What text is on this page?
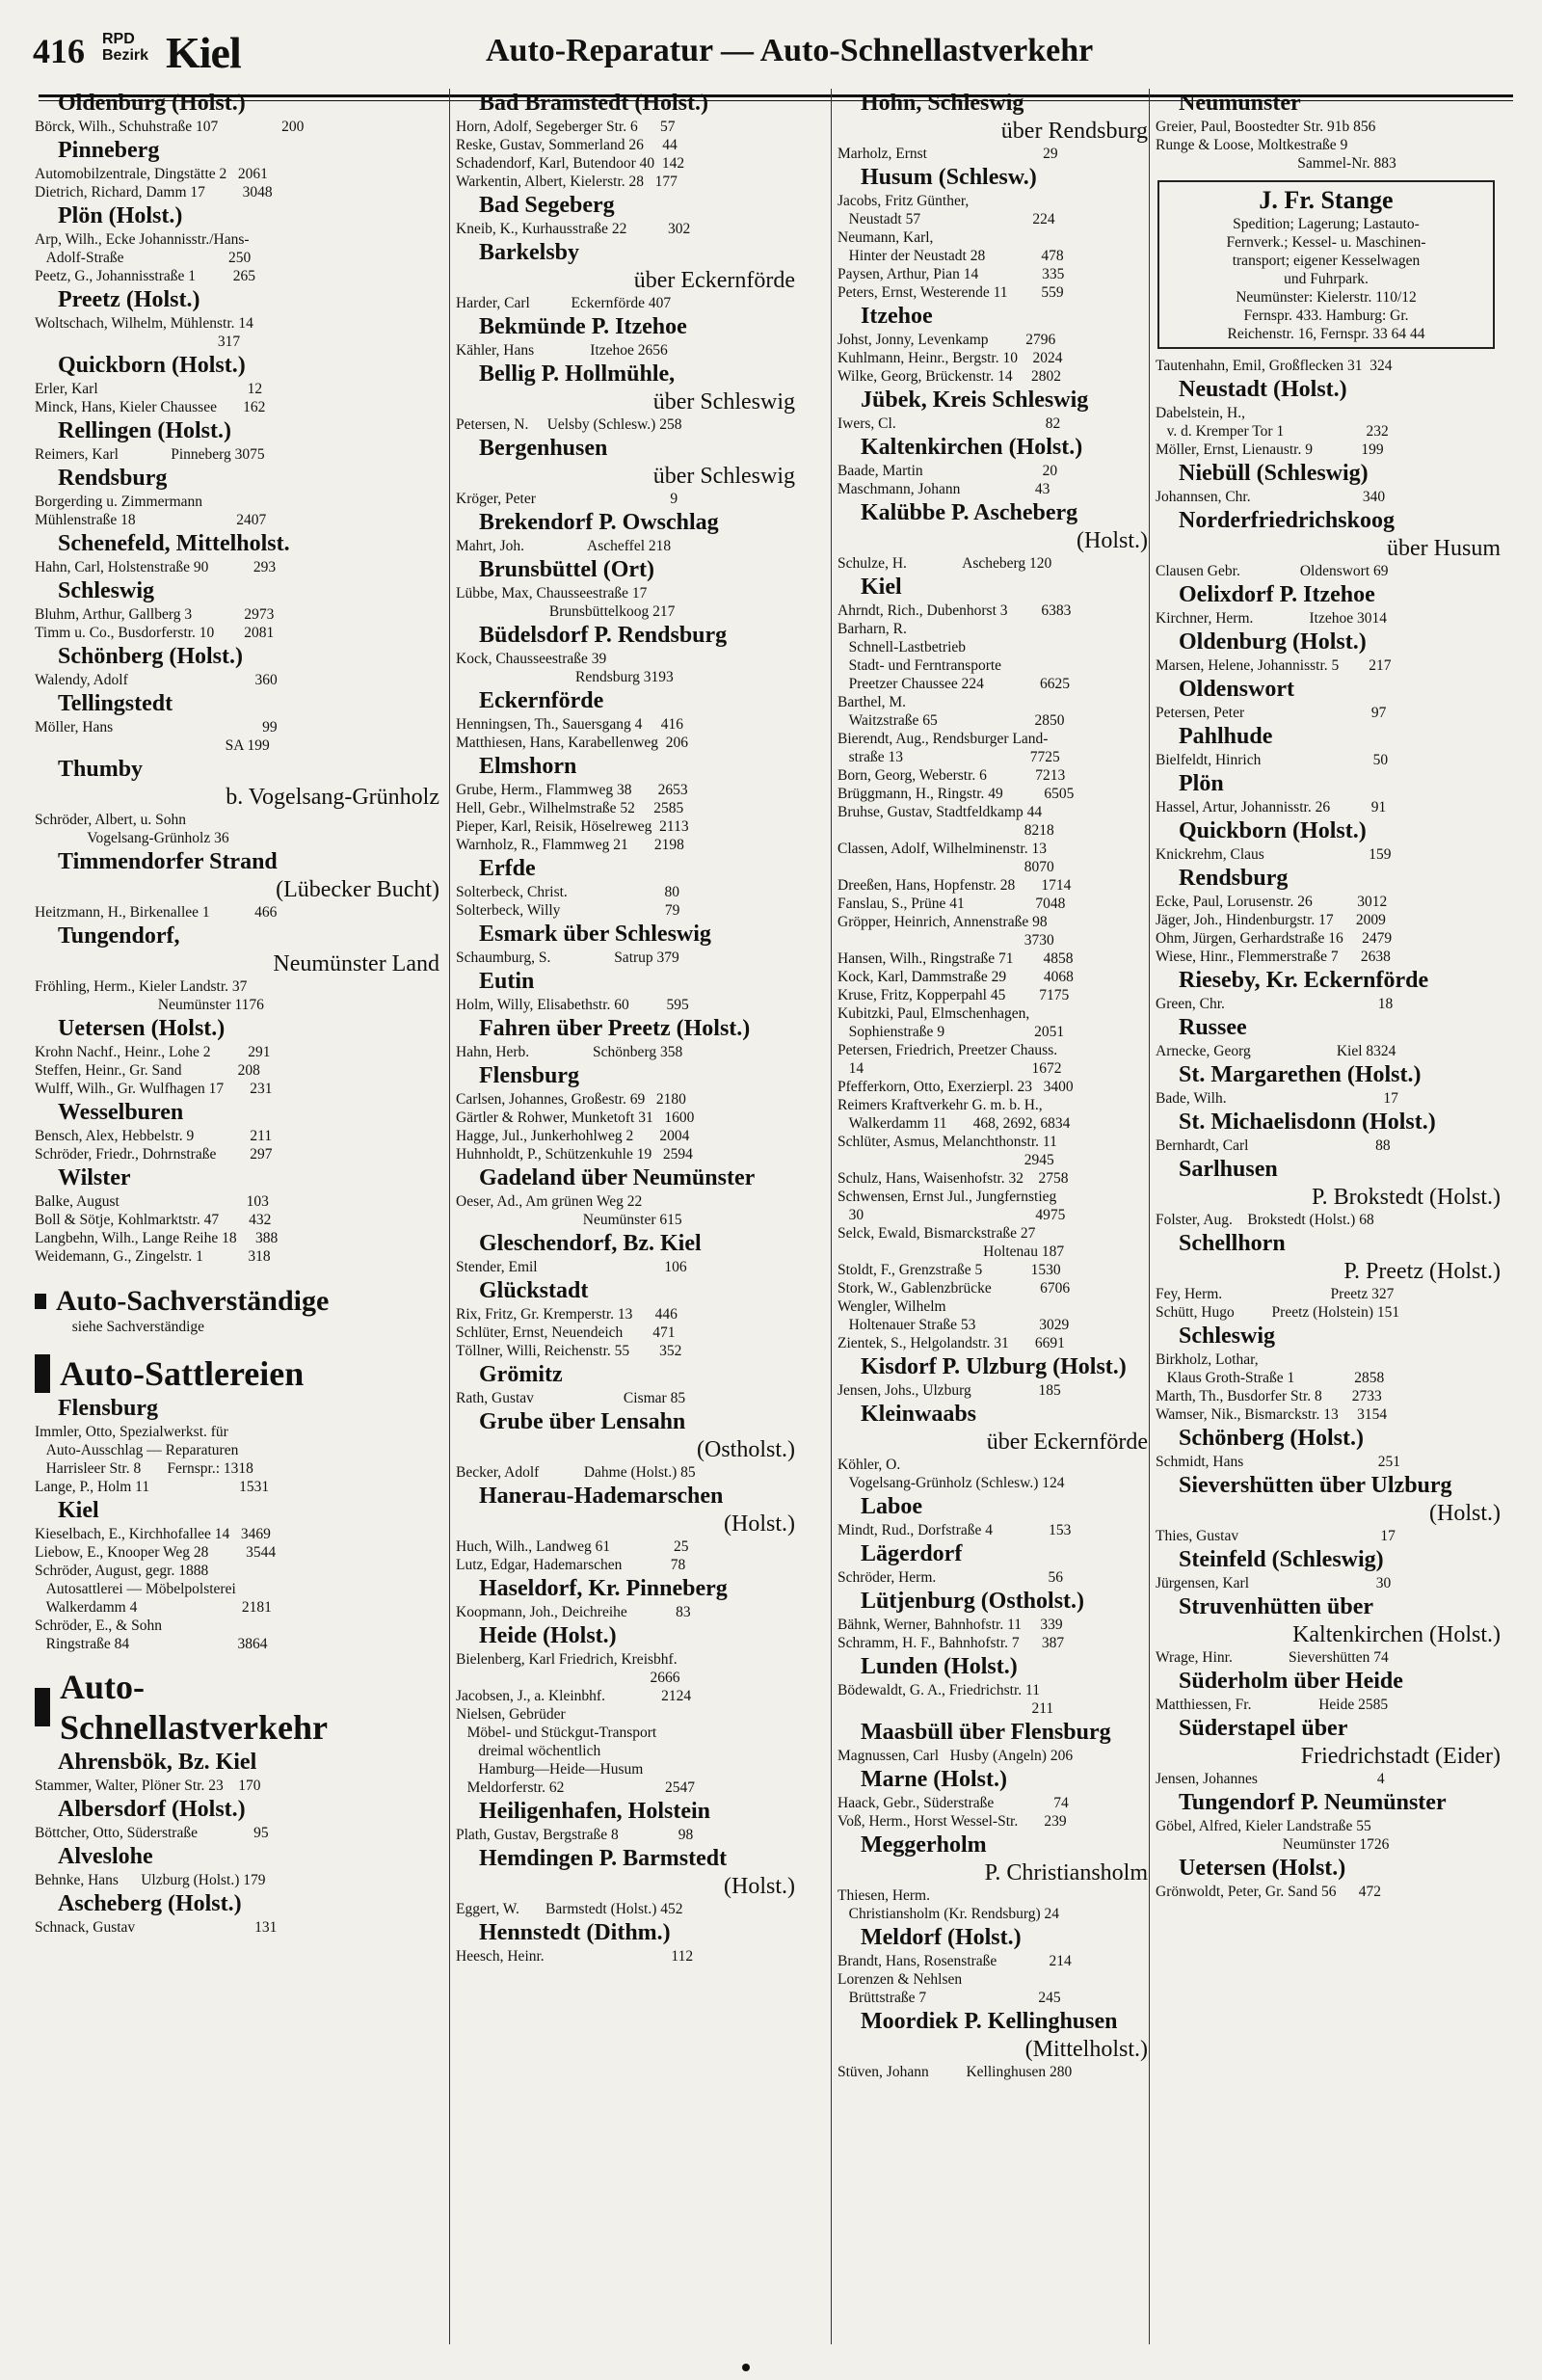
416 RPD
Bezirk Kiel	Auto-Reparatur — Auto-Schnellastverkehr
Oldenburg (Holst.)
Börck, Wilh., Schuhstraße 107                 200
Pinneberg
Automobilzentrale, Dingstätte 2   2061
Dietrich, Richard, Damm 17          3048
Plön (Holst.)
Arp, Wilh., Ecke Johannisstr./Hans-
Adolf-Straße                            250
Peetz, G., Johannisstraße 1          265
Preetz (Holst.)
Woltschach, Wilhelm, Mühlenstr. 14
317
Quickborn (Holst.)
Erler, Karl                                        12
Minck, Hans, Kieler Chaussee       162
Rellingen (Holst.)
Reimers, Karl              Pinneberg 3075
Rendsburg
Borgerding u. Zimmermann
Mühlenstraße 18                           2407
Schenefeld, Mittelholst.
Hahn, Carl, Holstenstraße 90            293
Schleswig
Bluhm, Arthur, Gallberg 3              2973
Timm u. Co., Busdorferstr. 10        2081
Schönberg (Holst.)
Walendy, Adolf                                  360
Tellingstedt
Möller, Hans                                        99
SA 199
Thumby
b. Vogelsang-Grünholz
Schröder, Albert, u. Sohn
Vogelsang-Grünholz 36
Timmendorfer Strand
(Lübecker Bucht)
Heitzmann, H., Birkenallee 1            466
Tungendorf,
Neumünster Land
Fröhling, Herm., Kieler Landstr. 37
Neumünster 1176
Uetersen (Holst.)
Krohn Nachf., Heinr., Lohe 2          291
Steffen, Heinr., Gr. Sand               208
Wulff, Wilh., Gr. Wulfhagen 17       231
Wesselburen
Bensch, Alex, Hebbelstr. 9               211
Schröder, Friedr., Dohrnstraße         297
Wilster
Balke, August                                  103
Boll & Sötje, Kohlmarktstr. 47        432
Langbehn, Wilh., Lange Reihe 18     388
Weidemann, G., Zingelstr. 1            318
Auto-Sachverständige
siehe Sachverständige
Auto-Sattlereien
Flensburg
Immler, Otto, Spezialwerkst. für
Auto-Ausschlag — Reparaturen
Harrisleer Str. 8       Fernspr.: 1318
Lange, P., Holm 11                        1531
Kiel
Kieselbach, E., Kirchhofallee 14   3469
Liebow, E., Knooper Weg 28          3544
Schröder, August, gegr. 1888
Autosattlerei — Möbelpolsterei
Walkerdamm 4                            2181
Schröder, E., & Sohn
Ringstraße 84                             3864
Auto-
Schnellastverkehr
Ahrensbök, Bz. Kiel
Stammer, Walter, Plöner Str. 23    170
Albersdorf (Holst.)
Böttcher, Otto, Süderstraße               95
Alveslohe
Behnke, Hans      Ulzburg (Holst.) 179
Ascheberg (Holst.)
Schnack, Gustav                                131
Bad Bramstedt (Holst.)
Horn, Adolf, Segeberger Str. 6      57
Reske, Gustav, Sommerland 26     44
Schadendorf, Karl, Butendoor 40  142
Warkentin, Albert, Kielerstr. 28   177
Bad Segeberg
Kneib, K., Kurhausstraße 22           302
Barkelsby
über Eckernförde
Harder, Carl           Eckernförde 407
Bekmünde P. Itzehoe
Kähler, Hans               Itzehoe 2656
Bellig P. Hollmühle,
über Schleswig
Petersen, N.     Uelsby (Schlesw.) 258
Bergenhusen
über Schleswig
Kröger, Peter                                    9
Brekendorf P. Owschlag
Mahrt, Joh.                 Ascheffel 218
Brunsbüttel (Ort)
Lübbe, Max, Chausseestraße 17
Brunsbüttelkoog 217
Büdelsdorf P. Rendsburg
Kock, Chausseestraße 39
Rendsburg 3193
Eckernförde
Henningsen, Th., Sauersgang 4     416
Matthiesen, Hans, Karabellenweg  206
Elmshorn
Grube, Herm., Flammweg 38       2653
Hell, Gebr., Wilhelmstraße 52     2585
Pieper, Karl, Reisik, Höselreweg  2113
Warnholz, R., Flammweg 21       2198
Erfde
Solterbeck, Christ.                          80
Solterbeck, Willy                            79
Esmark über Schleswig
Schaumburg, S.                 Satrup 379
Eutin
Holm, Willy, Elisabethstr. 60          595
Fahren über Preetz (Holst.)
Hahn, Herb.                 Schönberg 358
Flensburg
Carlsen, Johannes, Großestr. 69   2180
Gärtler & Rohwer, Munketoft 31   1600
Hagge, Jul., Junkerhohlweg 2       2004
Huhnholdt, P., Schützenkuhle 19   2594
Gadeland über Neumünster
Oeser, Ad., Am grünen Weg 22
Neumünster 615
Gleschendorf, Bz. Kiel
Stender, Emil                                  106
Glückstadt
Rix, Fritz, Gr. Kremperstr. 13      446
Schlüter, Ernst, Neuendeich        471
Töllner, Willi, Reichenstr. 55        352
Grömitz
Rath, Gustav                        Cismar 85
Grube über Lensahn
(Ostholst.)
Becker, Adolf            Dahme (Holst.) 85
Hanerau-Hademarschen
(Holst.)
Huch, Wilh., Landweg 61                 25
Lutz, Edgar, Hademarschen             78
Haseldorf, Kr. Pinneberg
Koopmann, Joh., Deichreihe             83
Heide (Holst.)
Bielenberg, Karl Friedrich, Kreisbhf.
2666
Jacobsen, J., a. Kleinbhf.               2124
Nielsen, Gebrüder
Möbel- und Stückgut-Transport
dreimal wöchentlich
Hamburg—Heide—Husum
Meldorferstr. 62                           2547
Heiligenhafen, Holstein
Plath, Gustav, Bergstraße 8                98
Hemdingen P. Barmstedt
(Holst.)
Eggert, W.       Barmstedt (Holst.) 452
Hennstedt (Dithm.)
Heesch, Heinr.                                  112
Hohn, Schleswig
über Rendsburg
Marholz, Ernst                               29
Husum (Schlesw.)
Jacobs, Fritz Günther,
Neustadt 57                              224
Neumann, Karl,
Hinter der Neustadt 28               478
Paysen, Arthur, Pian 14                 335
Peters, Ernst, Westerende 11         559
Itzehoe
Johst, Jonny, Levenkamp          2796
Kuhlmann, Heinr., Bergstr. 10    2024
Wilke, Georg, Brückenstr. 14     2802
Jübek, Kreis Schleswig
Iwers, Cl.                                        82
Kaltenkirchen (Holst.)
Baade, Martin                                20
Maschmann, Johann                    43
Kalübbe P. Ascheberg
(Holst.)
Schulze, H.               Ascheberg 120
Kiel
Ahrndt, Rich., Dubenhorst 3         6383
Barharn, R.
Schnell-Lastbetrieb
Stadt- und Ferntransporte
Preetzer Chaussee 224               6625
Barthel, M.
Waitzstraße 65                          2850
Bierendt, Aug., Rendsburger Land-
straße 13                                  7725
Born, Georg, Weberstr. 6             7213
Brüggmann, H., Ringstr. 49           6505
Bruhse, Gustav, Stadtfeldkamp 44
8218
Classen, Adolf, Wilhelminenstr. 13
8070
Dreeßen, Hans, Hopfenstr. 28       1714
Fanslau, S., Prüne 41                   7048
Gröpper, Heinrich, Annenstraße 98
3730
Hansen, Wilh., Ringstraße 71        4858
Kock, Karl, Dammstraße 29          4068
Kruse, Fritz, Kopperpahl 45         7175
Kubitzki, Paul, Elmschenhagen,
Sophienstraße 9                        2051
Petersen, Friedrich, Preetzer Chauss.
14                                             1672
Pfefferkorn, Otto, Exerzierpl. 23   3400
Reimers Kraftverkehr G. m. b. H.,
Walkerdamm 11       468, 2692, 6834
Schlüter, Asmus, Melanchthonstr. 11
2945
Schulz, Hans, Waisenhofstr. 32    2758
Schwensen, Ernst Jul., Jungfernstieg
30                                              4975
Selck, Ewald, Bismarckstraße 27
Holtenau 187
Stoldt, F., Grenzstraße 5             1530
Stork, W., Gablenzbrücke             6706
Wengler, Wilhelm
Holtenauer Straße 53                 3029
Zientek, S., Helgolandstr. 31       6691
Kisdorf P. Ulzburg (Holst.)
Jensen, Johs., Ulzburg                  185
Kleinwaabs
über Eckernförde
Köhler, O.
Vogelsang-Grünholz (Schlesw.) 124
Laboe
Mindt, Rud., Dorfstraße 4               153
Lägerdorf
Schröder, Herm.                              56
Lütjenburg (Ostholst.)
Bähnk, Werner, Bahnhofstr. 11     339
Schramm, H. F., Bahnhofstr. 7      387
Lunden (Holst.)
Bödewaldt, G. A., Friedrichstr. 11
211
Maasbüll über Flensburg
Magnussen, Carl   Husby (Angeln) 206
Marne (Holst.)
Haack, Gebr., Süderstraße                74
Voß, Herm., Horst Wessel-Str.       239
Meggerholm
P. Christiansholm
Thiesen, Herm.
Christiansholm (Kr. Rendsburg) 24
Meldorf (Holst.)
Brandt, Hans, Rosenstraße              214
Lorenzen & Nehlsen
Brüttstraße 7                              245
Moordiek P. Kellinghusen
(Mittelholst.)
Stüven, Johann          Kellinghusen 280
Neumünster
Greier, Paul, Boostedter Str. 91b 856
Runge & Loose, Moltkestraße 9
Sammel-Nr. 883
J. Fr. Stange
Spedition; Lagerung; Lastauto-
Fernverk.; Kessel- u. Maschinen-
transport; eigener Kesselwagen
und Fuhrpark.
Neumünster: Kielerstr. 110/12
Fernspr. 433. Hamburg: Gr.
Reichenstr. 16, Fernspr. 33 64 44
Tautenhahn, Emil, Großflecken 31  324
Neustadt (Holst.)
Dabelstein, H.,
v. d. Kremper Tor 1                      232
Möller, Ernst, Lienaustr. 9             199
Niebüll (Schleswig)
Johannsen, Chr.                              340
Norderfriedrichskoog
über Husum
Clausen Gebr.                Oldenswort 69
Oelixdorf P. Itzehoe
Kirchner, Herm.               Itzehoe 3014
Oldenburg (Holst.)
Marsen, Helene, Johannisstr. 5        217
Oldenswort
Petersen, Peter                                  97
Pahlhude
Bielfeldt, Hinrich                              50
Plön
Hassel, Artur, Johannisstr. 26           91
Quickborn (Holst.)
Knickrehm, Claus                            159
Rendsburg
Ecke, Paul, Lorusenstr. 26            3012
Jäger, Joh., Hindenburgstr. 17      2009
Ohm, Jürgen, Gerhardstraße 16     2479
Wiese, Hinr., Flemmerstraße 7      2638
Rieseby, Kr. Eckernförde
Green, Chr.                                         18
Russee
Arnecke, Georg                       Kiel 8324
St. Margarethen (Holst.)
Bade, Wilh.                                          17
St. Michaelisdonn (Holst.)
Bernhardt, Carl                                  88
Sarlhusen
P. Brokstedt (Holst.)
Folster, Aug.    Brokstedt (Holst.) 68
Schellhorn
P. Preetz (Holst.)
Fey, Herm.                             Preetz 327
Schütt, Hugo          Preetz (Holstein) 151
Schleswig
Birkholz, Lothar,
Klaus Groth-Straße 1                2858
Marth, Th., Busdorfer Str. 8        2733
Wamser, Nik., Bismarckstr. 13     3154
Schönberg (Holst.)
Schmidt, Hans                                    251
Sievershütten über Ulzburg
(Holst.)
Thies, Gustav                                      17
Steinfeld (Schleswig)
Jürgensen, Karl                                  30
Struvenhütten über
Kaltenkirchen (Holst.)
Wrage, Hinr.               Sievershütten 74
Süderholm über Heide
Matthiessen, Fr.                  Heide 2585
Süderstapel über
Friedrichstadt (Eider)
Jensen, Johannes                                4
Tungendorf P. Neumünster
Göbel, Alfred, Kieler Landstraße 55
Neumünster 1726
Uetersen (Holst.)
Grönwoldt, Peter, Gr. Sand 56      472
